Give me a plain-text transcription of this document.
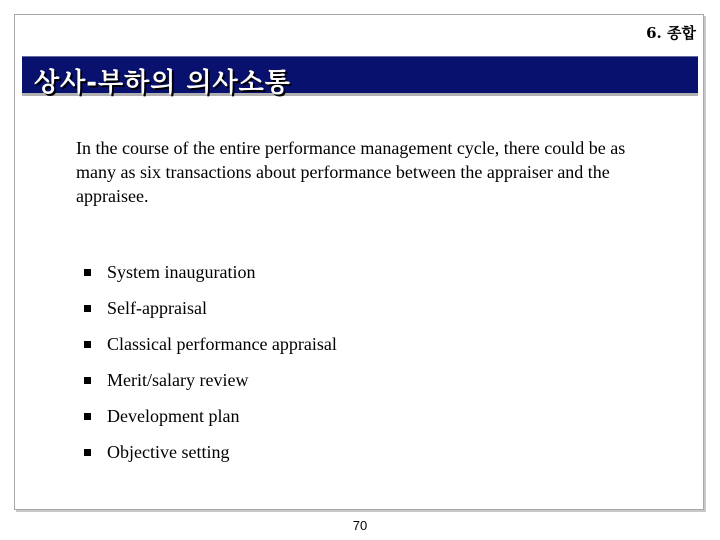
6. 종합
상사-부하의 의사소통

In the course of the entire performance management cycle, there could be as many as six transactions about performance between the appraiser and the appraisee.

System inauguration
Self-appraisal
Classical performance appraisal
Merit/salary review
Development plan
Objective setting
70
